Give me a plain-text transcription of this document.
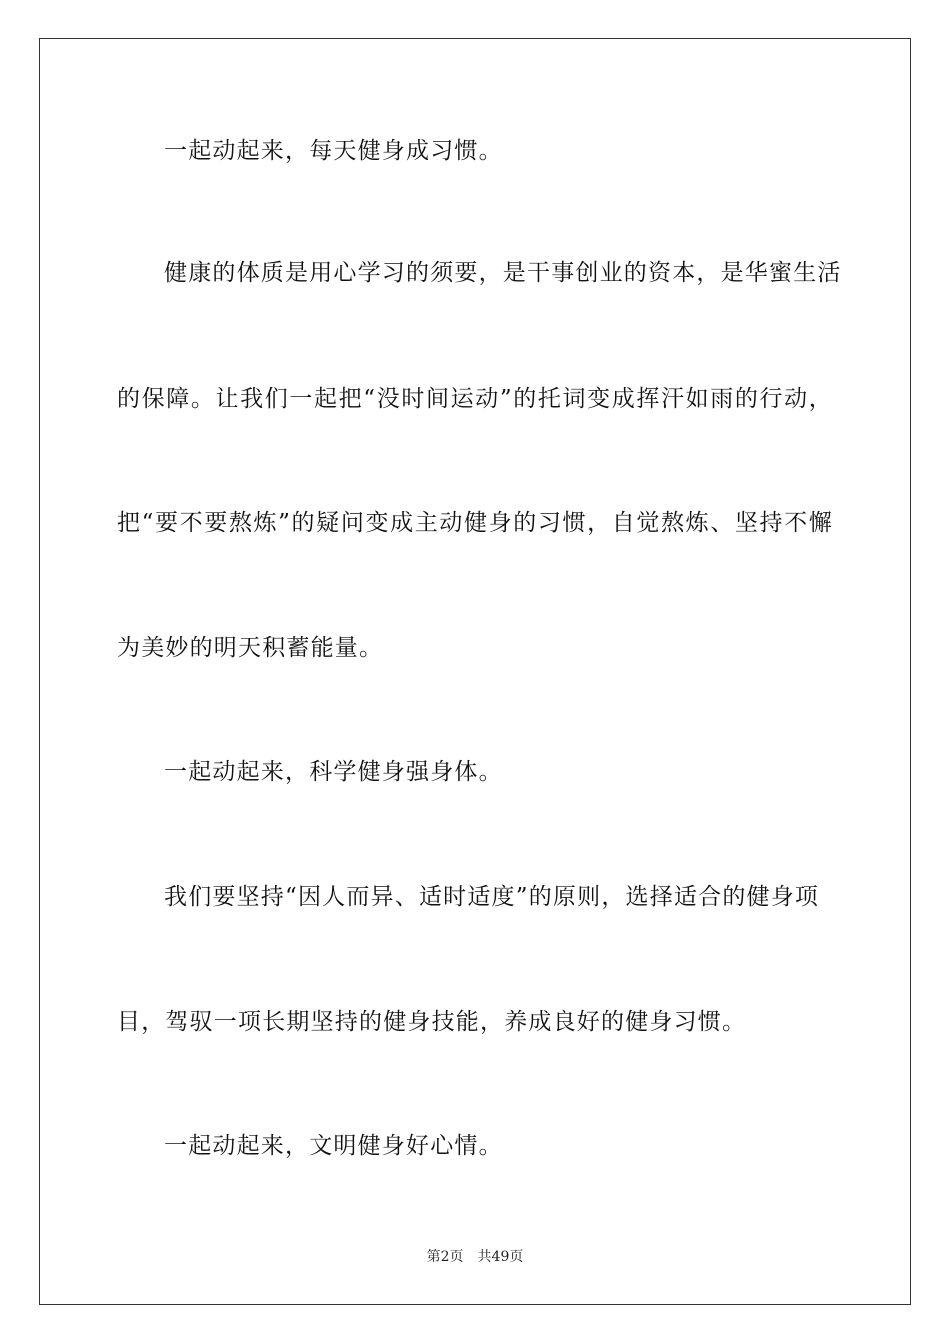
一起动起来，每天健身成习惯。
健康的体质是用心学习的须要，是干事创业的资本，是华蜜生活
的保障。让我们一起把“没时间运动”的托词变成挥汗如雨的行动，
把“要不要熬炼”的疑问变成主动健身的习惯，自觉熬炼、坚持不懈
为美妙的明天积蓄能量。
一起动起来，科学健身强身体。
我们要坚持“因人而异、适时适度”的原则，选择适合的健身项
目，驾驭一项长期坚持的健身技能，养成良好的健身习惯。
一起动起来，文明健身好心情。
第2页 共49页
